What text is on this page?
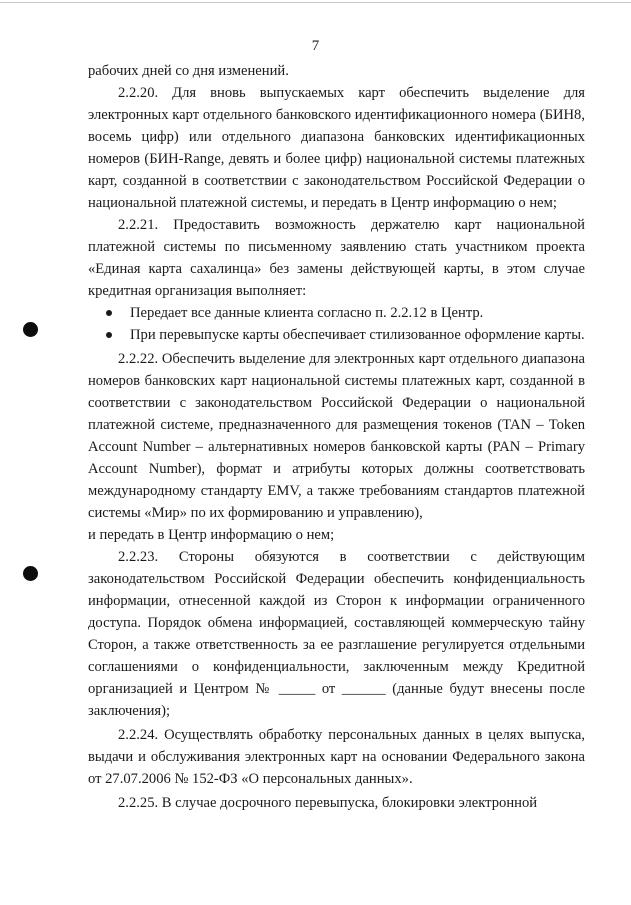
7

рабочих дней со дня изменений.

2.2.20. Для вновь выпускаемых карт обеспечить выделение для электронных карт отдельного банковского идентификационного номера (БИН8, восемь цифр) или отдельного диапазона банковских идентификационных номеров (БИН-Range, девять и более цифр) национальной системы платежных карт, созданной в соответствии с законодательством Российской Федерации о национальной платежной системы, и передать в Центр информацию о нем;

2.2.21. Предоставить возможность держателю карт национальной платежной системы по письменному заявлению стать участником проекта «Единая карта сахалинца» без замены действующей карты, в этом случае кредитная организация выполняет:

Передает все данные клиента согласно п. 2.2.12 в Центр.

При перевыпуске карты обеспечивает стилизованное оформление карты.

2.2.22. Обеспечить выделение для электронных карт отдельного диапазона номеров банковских карт национальной системы платежных карт, созданной в соответствии с законодательством Российской Федерации о национальной платежной системе, предназначенного для размещения токенов (TAN – Token Account Number – альтернативных номеров банковской карты (PAN – Primary Account Number), формат и атрибуты которых должны соответствовать международному стандарту EMV, а также требованиям стандартов платежной системы «Мир» по их формированию и управлению),

и передать в Центр информацию о нем;

2.2.23. Стороны обязуются в соответствии с действующим законодательством Российской Федерации обеспечить конфиденциальность информации, отнесенной каждой из Сторон к информации ограниченного доступа. Порядок обмена информацией, составляющей коммерческую тайну Сторон, а также ответственность за ее разглашение регулируется отдельными соглашениями о конфиденциальности, заключенным между Кредитной организацией и Центром № _____ от ______ (данные будут внесены после заключения);

2.2.24. Осуществлять обработку персональных данных в целях выпуска, выдачи и обслуживания электронных карт на основании Федерального закона от 27.07.2006 № 152-ФЗ «О персональных данных».

2.2.25. В случае досрочного перевыпуска, блокировки электронной
